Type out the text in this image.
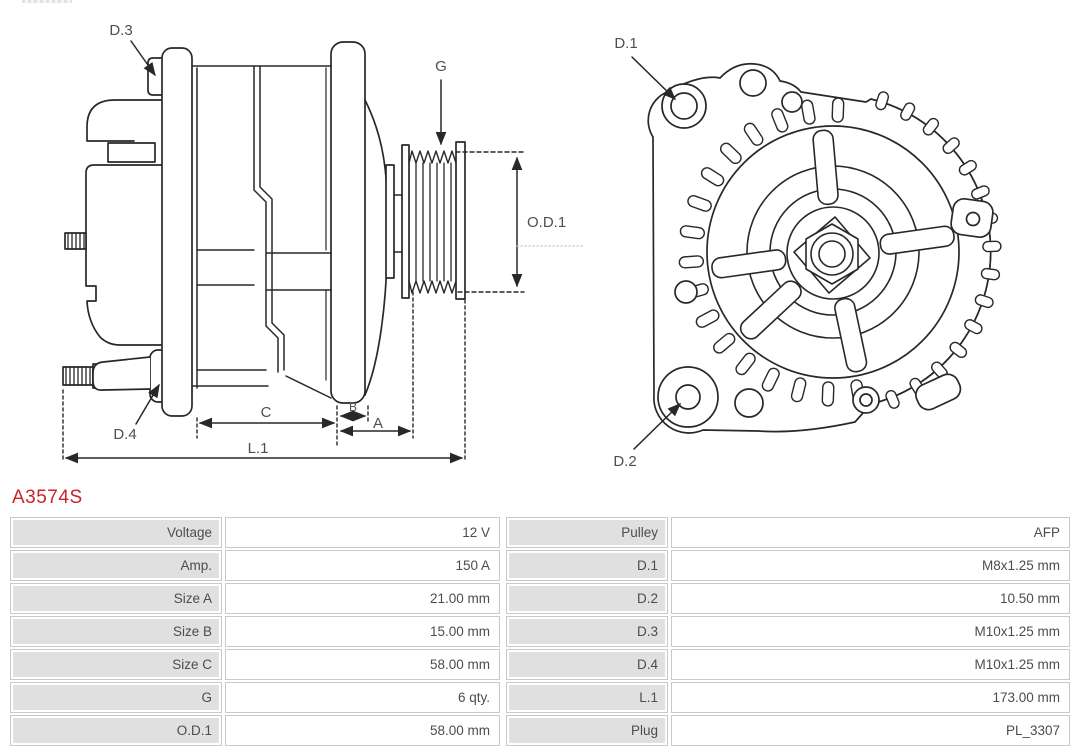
D.3
G
O.D.1
D.4
C	B
A
L.1
D.1
D.2
A3574S
Voltage	12 V	Pulley	AFP
Amp.	150 A	D.1	M8x1.25 mm
Size A	21.00 mm	D.2	10.50 mm
Size B	15.00 mm	D.3	M10x1.25 mm
Size C	58.00 mm	D.4	M10x1.25 mm
G	6 qty.	L.1	173.00 mm
O.D.1	58.00 mm	Plug	PL_3307
